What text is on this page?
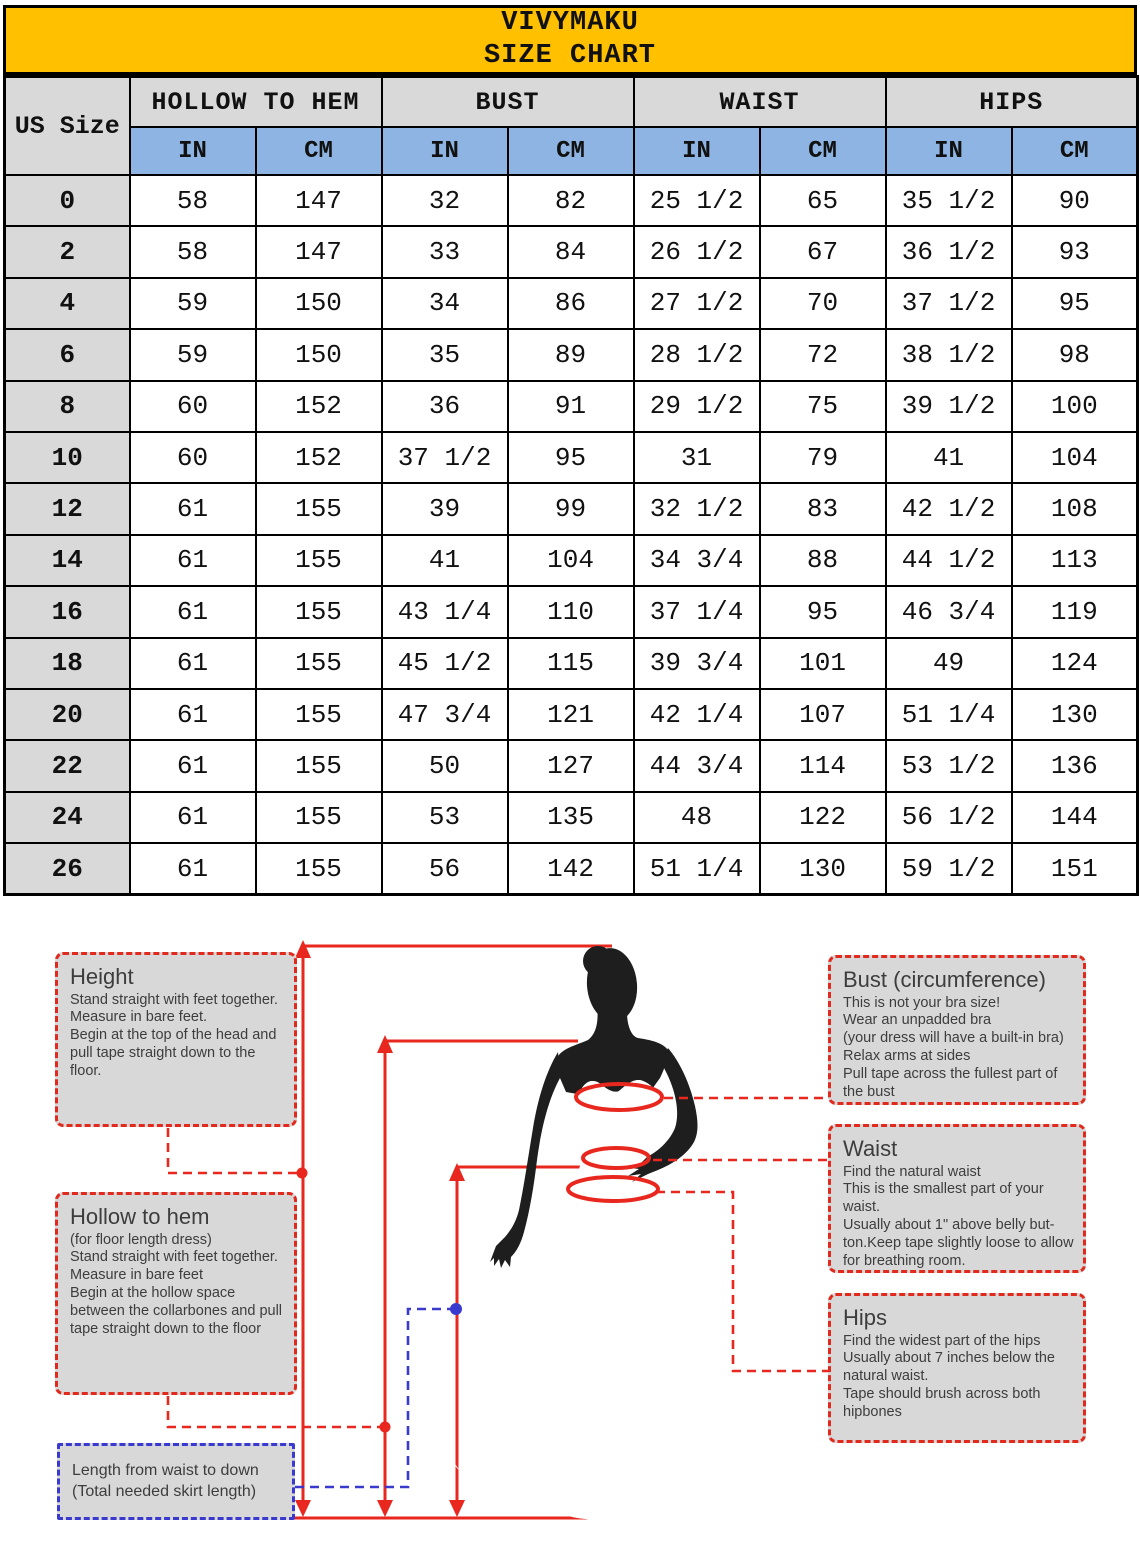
VIVYMAKU
SIZE CHART
US Size	HOLLOW TO HEM		BUST		WAIST		HIPS	
	IN	CM	IN	CM	IN	CM	IN	CM
0	58	147	32	82	25 1/2	65	35 1/2	90
2	58	147	33	84	26 1/2	67	36 1/2	93
4	59	150	34	86	27 1/2	70	37 1/2	95
6	59	150	35	89	28 1/2	72	38 1/2	98
8	60	152	36	91	29 1/2	75	39 1/2	100
10	60	152	37 1/2	95	31	79	41	104
12	61	155	39	99	32 1/2	83	42 1/2	108
14	61	155	41	104	34 3/4	88	44 1/2	113
16	61	155	43 1/4	110	37 1/4	95	46 3/4	119
18	61	155	45 1/2	115	39 3/4	101	49	124
20	61	155	47 3/4	121	42 1/4	107	51 1/4	130
22	61	155	50	127	44 3/4	114	53 1/2	136
24	61	155	53	135	48	122	56 1/2	144
26	61	155	56	142	51 1/4	130	59 1/2	151
Height
Stand straight with feet together.
Measure in bare feet.
Begin at the top of the head and pull tape straight down to the floor.
Hollow to hem
(for floor length dress)
Stand straight with feet together. Measure in bare feet
Begin at the hollow space between the collarbones and pull tape straight down to the floor
Length from waist to down
(Total needed skirt length)
Bust (circumference)
This is not your bra size!
Wear an unpadded bra
(your dress will have a built-in bra)
Relax arms at sides
Pull tape across the fullest part of the bust
Waist
Find the natural waist
This is the smallest part of your waist.
Usually about 1" above belly but-ton.Keep tape slightly loose to allow for breathing room.
Hips
Find the widest part of the hips
Usually about 7 inches below the natural waist.
Tape should brush across both hipbones
